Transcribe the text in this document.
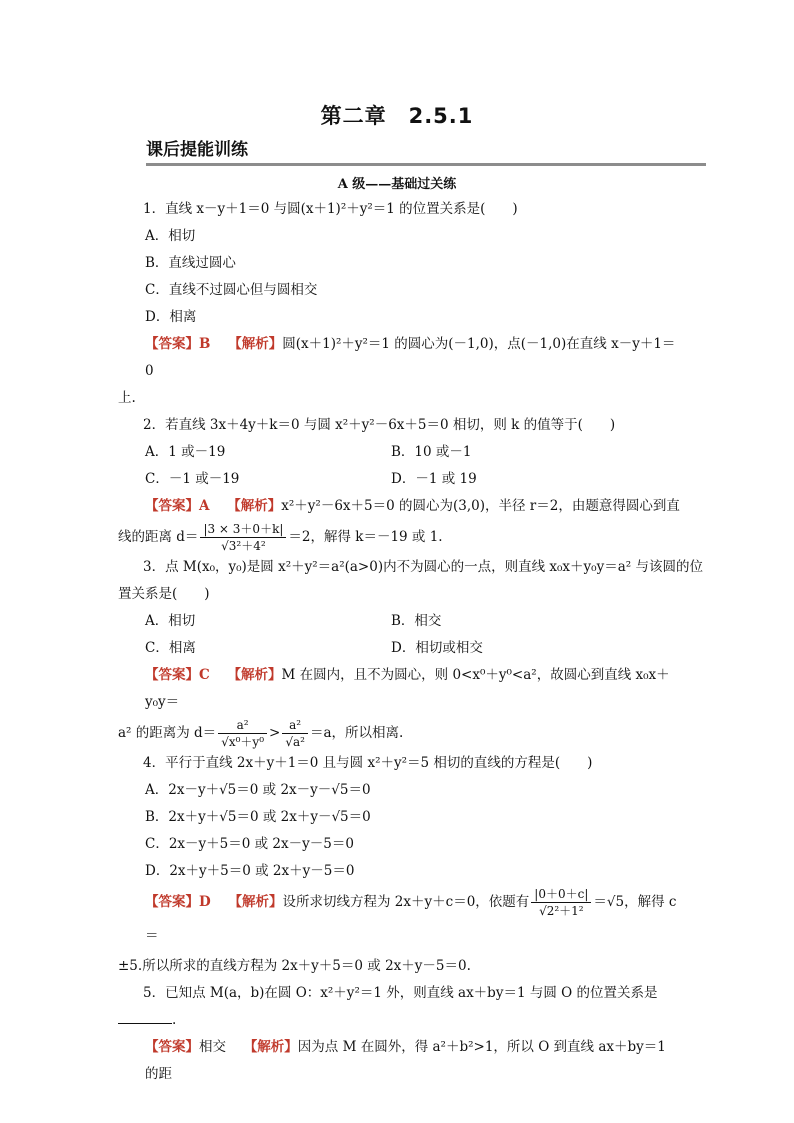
第二章　2.5.1
课后提能训练
A 级——基础过关练
1．直线 x－y＋1＝0 与圆(x＋1)²＋y²＝1 的位置关系是(　　)
A．相切
B．直线过圆心
C．直线不过圆心但与圆相交
D．相离
【答案】B　 【解析】圆(x＋1)²＋y²＝1 的圆心为(－1,0)，点(－1,0)在直线 x－y＋1＝0
上.
2．若直线 3x＋4y＋k＝0 与圆 x²＋y²－6x＋5＝0 相切，则 k 的值等于(　　)
A．1 或－19	B．10 或－1
C．－1 或－19	D．－1 或 19
【答案】A　 【解析】x²＋y²－6x＋5＝0 的圆心为(3,0)，半径 r＝2，由题意得圆心到直
线的距离 $d= \frac{|3 \times 3+0+k|}{\text{√3²＋4²}} =2$，解得 k＝－19 或 1.
3．点 M(x₀，y₀)是圆 x²＋y²＝a²(a>0)内不为圆心的一点，则直线 x₀x＋y₀y＝a² 与该圆的位
置关系是(　　)
A．相切	B．相交
C．相离	D．相切或相交
【答案】C　 【解析】M 在圆内，且不为圆心，则 0<x⁰＋y⁰<a²，故圆心到直线 x₀x＋y₀y＝
a² 的距离为 $d= \frac{\text{a²}}{\text{√x⁰＋y⁰}} > \frac{\text{a²}}{\text{√a²}} =a$，所以相离.
4．平行于直线 2x＋y＋1＝0 且与圆 x²＋y²＝5 相切的直线的方程是(　　)
A．2x－y＋√5＝0 或 2x－y－√5＝0
B．2x＋y＋√5＝0 或 2x＋y－√5＝0
C．2x－y＋5＝0 或 2x－y－5＝0
D．2x＋y＋5＝0 或 2x＋y－5＝0
【答案】D　 【解析】设所求切线方程为 2x＋y＋c＝0，依题有 $\frac{|0+0+c|}{\text{√2²＋1²}} =√5$，解得 c＝
±5.所以所求的直线方程为 2x＋y＋5＝0 或 2x＋y－5＝0.
5．已知点 M(a，b)在圆 O：x²＋y²＝1 外，则直线 ax＋by＝1 与圆 O 的位置关系是
.
【答案】相交　 【解析】因为点 M 在圆外，得 a²＋b²>1，所以 O 到直线 ax＋by＝1 的距
